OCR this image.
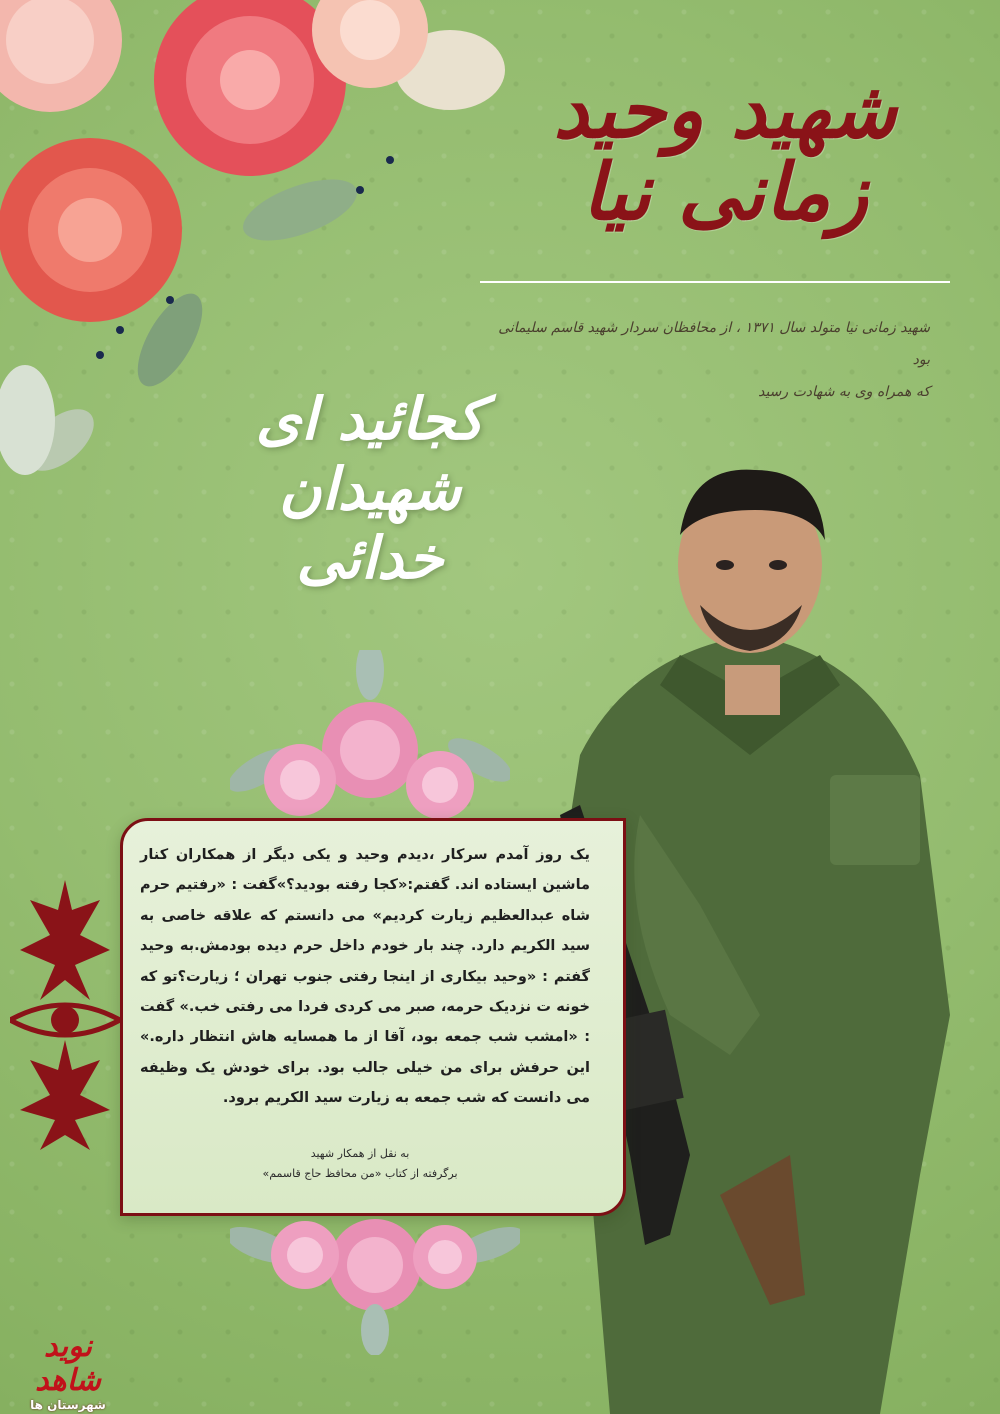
شهید وحید زمانی نیا
شهید زمانی نیا متولد سال ۱۳۷۱ ، از محافظان سردار شهید قاسم سلیمانی بود
که همراه وی به شهادت رسید
کجائید ای شهیدان خدائی
یک روز آمدم سرکار ،دیدم وحید و یکی دیگر از همکاران کنار ماشین ایستاده اند. گفتم:«کجا رفته بودید؟»گفت : «رفتیم حرم شاه عبدالعظیم زیارت کردیم» می دانستم که علاقه خاصی به سید الکریم دارد. چند بار خودم داخل حرم دیده بودمش.به وحید گفتم : «وحید بیکاری از اینجا رفتی جنوب تهران ؛ زیارت؟تو که خونه ت نزدیک حرمه، صبر می کردی فردا می رفتی خب.» گفت : «امشب شب جمعه بود، آقا از ما همسایه هاش انتظار داره.» این حرفش برای من خیلی جالب بود. برای خودش یک وظیفه می دانست که شب جمعه به زیارت سید الکریم برود.
به نقل از همکار شهید
برگرفته از کتاب «من محافظ حاج قاسمم»
نوید شاهد
شهرستان ها
